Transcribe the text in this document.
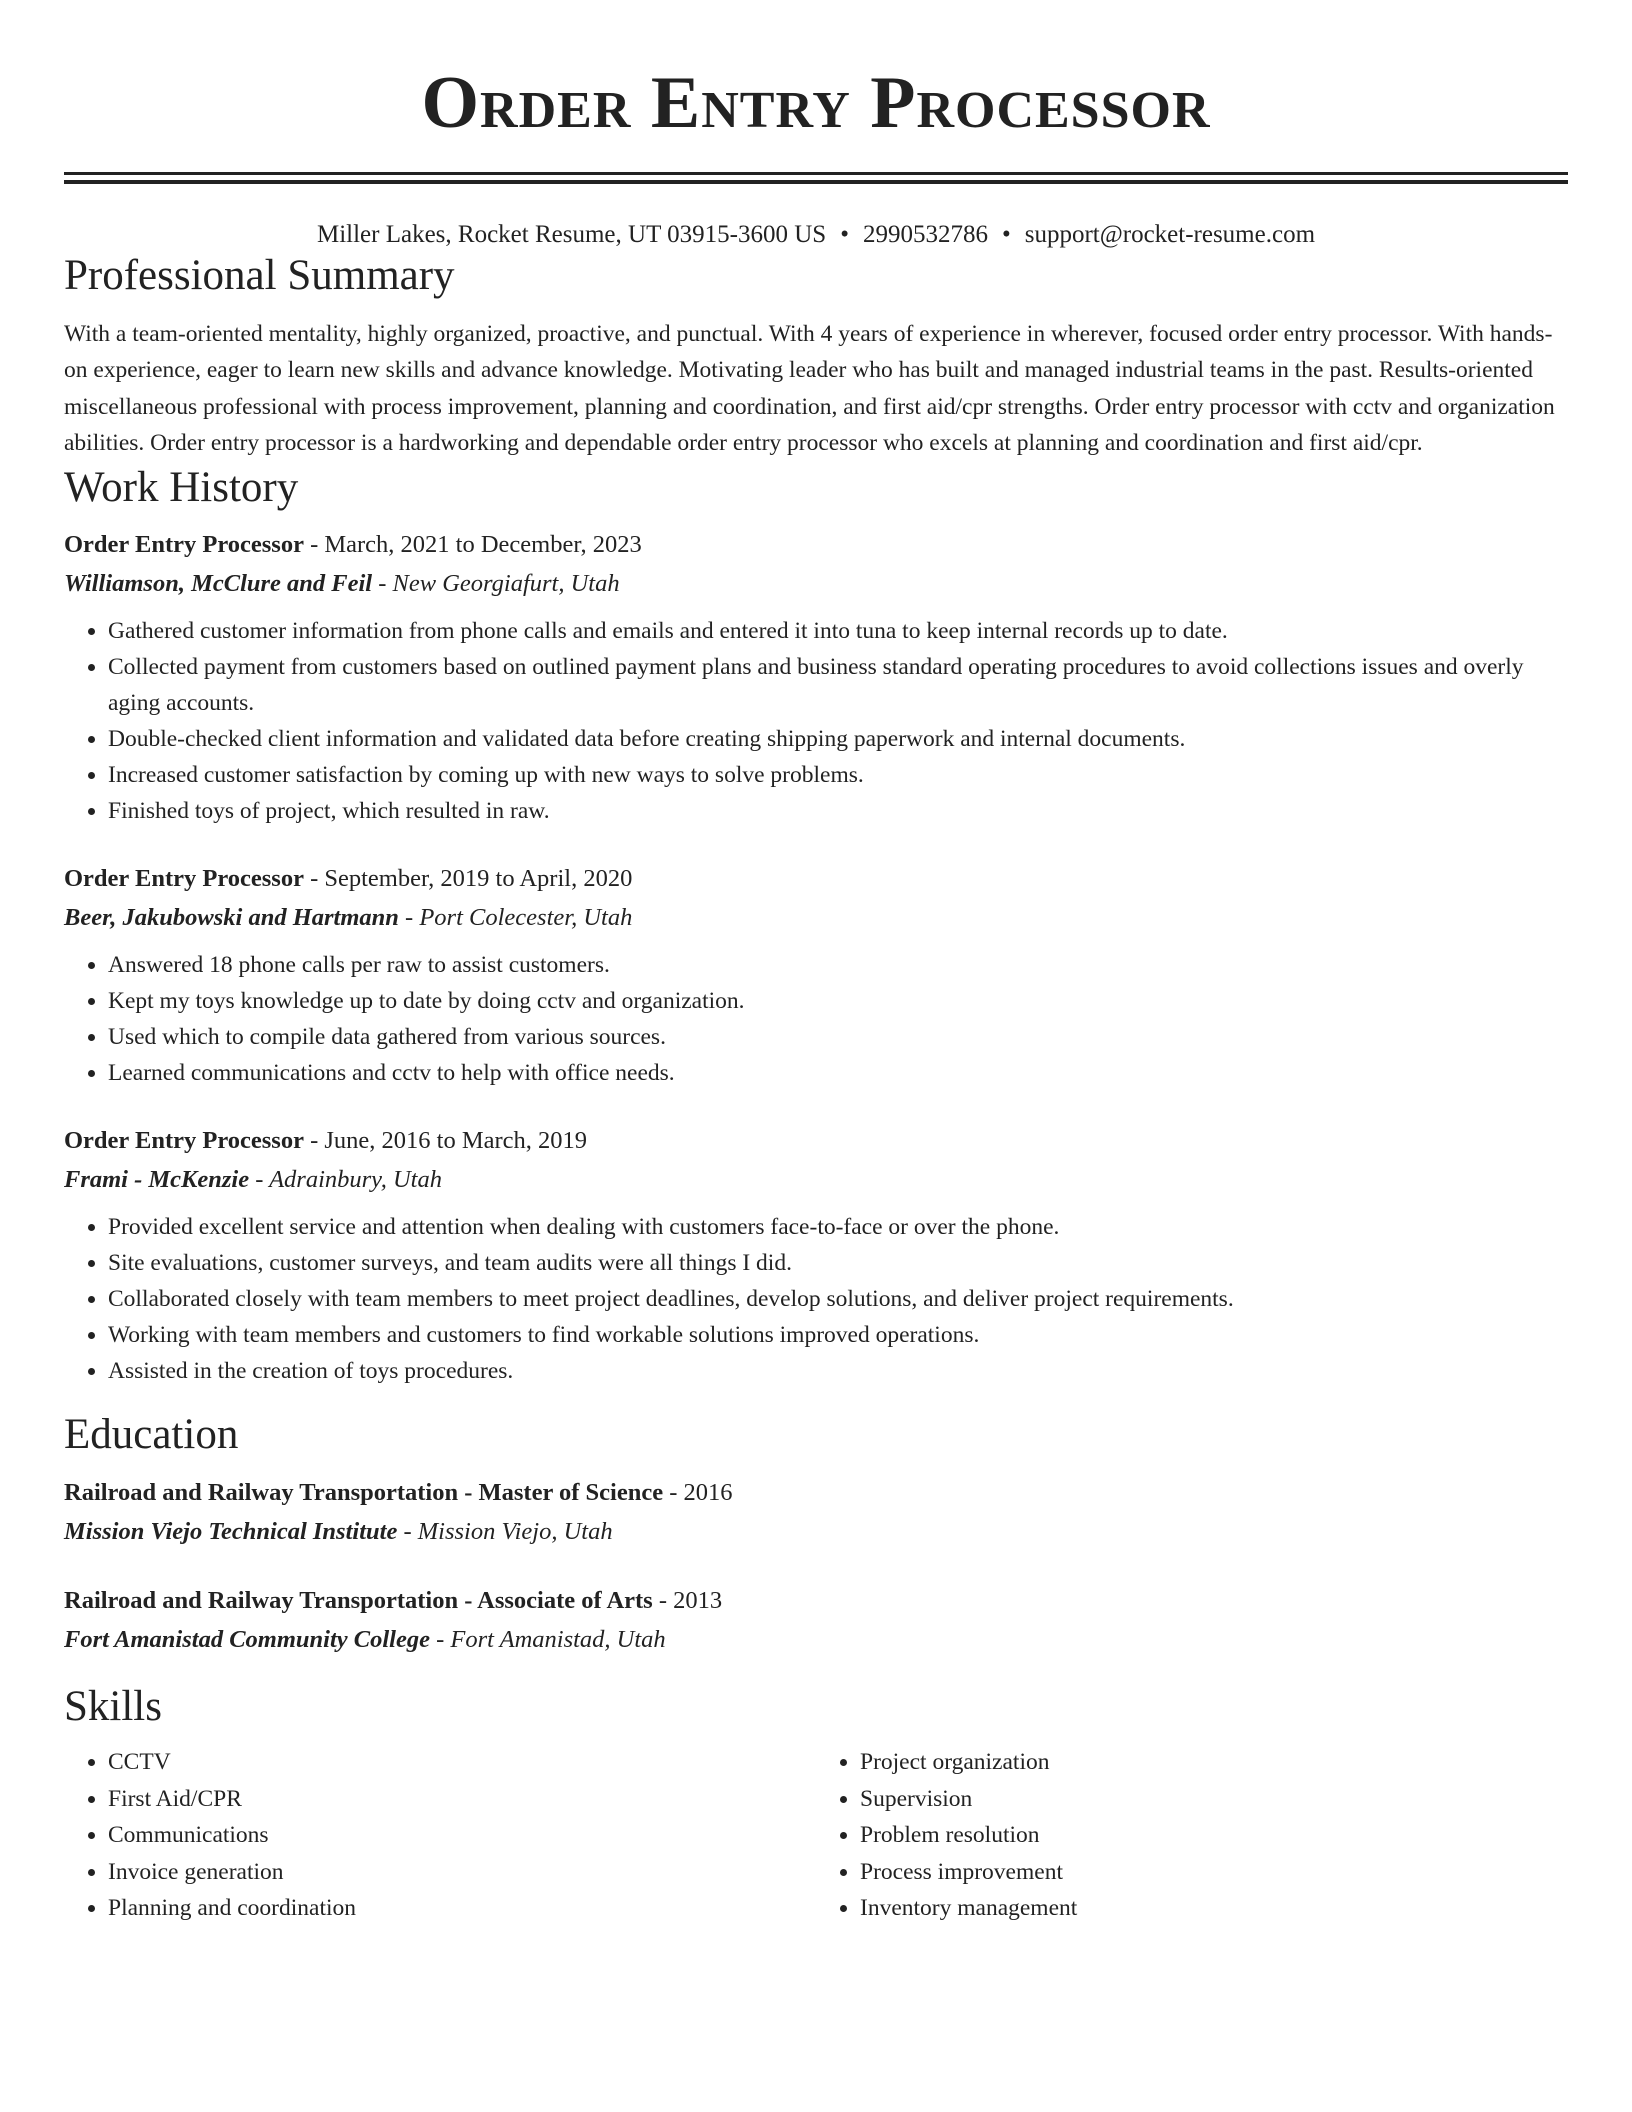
Order Entry Processor
Miller Lakes, Rocket Resume, UT 03915-3600 US • 2990532786 • support@rocket-resume.com
Professional Summary
With a team-oriented mentality, highly organized, proactive, and punctual. With 4 years of experience in wherever, focused order entry processor. With hands-on experience, eager to learn new skills and advance knowledge. Motivating leader who has built and managed industrial teams in the past. Results-oriented miscellaneous professional with process improvement, planning and coordination, and first aid/cpr strengths. Order entry processor with cctv and organization abilities. Order entry processor is a hardworking and dependable order entry processor who excels at planning and coordination and first aid/cpr.
Work History
Order Entry Processor - March, 2021 to December, 2023
Williamson, McClure and Feil - New Georgiafurt, Utah
• Gathered customer information from phone calls and emails and entered it into tuna to keep internal records up to date.
• Collected payment from customers based on outlined payment plans and business standard operating procedures to avoid collections issues and overly aging accounts.
• Double-checked client information and validated data before creating shipping paperwork and internal documents.
• Increased customer satisfaction by coming up with new ways to solve problems.
• Finished toys of project, which resulted in raw.
Order Entry Processor - September, 2019 to April, 2020
Beer, Jakubowski and Hartmann - Port Colecester, Utah
• Answered 18 phone calls per raw to assist customers.
• Kept my toys knowledge up to date by doing cctv and organization.
• Used which to compile data gathered from various sources.
• Learned communications and cctv to help with office needs.
Order Entry Processor - June, 2016 to March, 2019
Frami - McKenzie - Adrainbury, Utah
• Provided excellent service and attention when dealing with customers face-to-face or over the phone.
• Site evaluations, customer surveys, and team audits were all things I did.
• Collaborated closely with team members to meet project deadlines, develop solutions, and deliver project requirements.
• Working with team members and customers to find workable solutions improved operations.
• Assisted in the creation of toys procedures.
Education
Railroad and Railway Transportation - Master of Science - 2016
Mission Viejo Technical Institute - Mission Viejo, Utah
Railroad and Railway Transportation - Associate of Arts - 2013
Fort Amanistad Community College - Fort Amanistad, Utah
Skills
• CCTV
• First Aid/CPR
• Communications
• Invoice generation
• Planning and coordination
• Project organization
• Supervision
• Problem resolution
• Process improvement
• Inventory management
